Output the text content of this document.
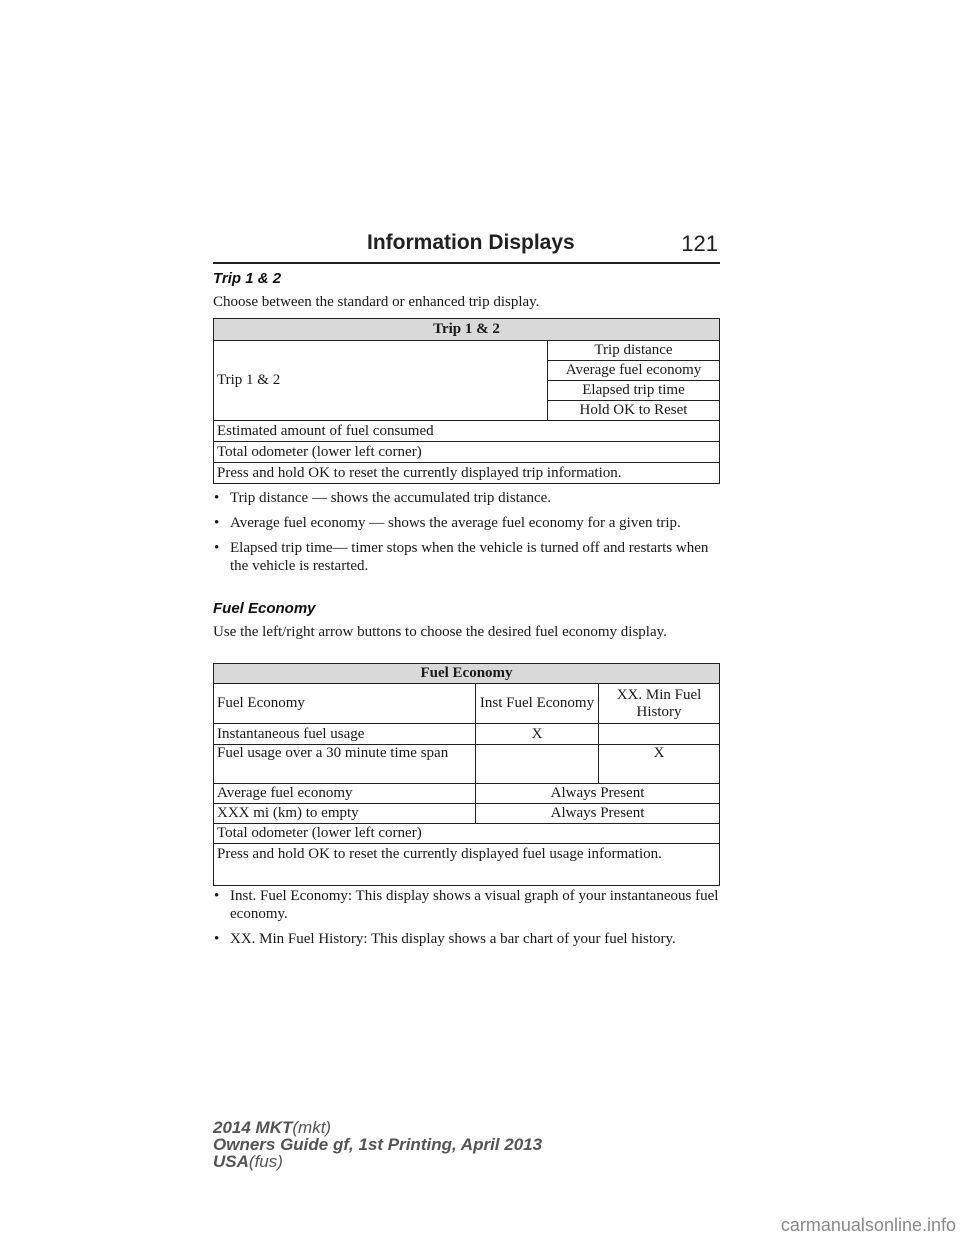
Information Displays	121
Trip 1 & 2
Choose between the standard or enhanced trip display.
Trip 1 & 2
Trip 1 & 2	Trip distance
Average fuel economy
Elapsed trip time
Hold OK to Reset
Estimated amount of fuel consumed
Total odometer (lower left corner)
Press and hold OK to reset the currently displayed trip information.
• Trip distance — shows the accumulated trip distance.
• Average fuel economy — shows the average fuel economy for a given trip.
• Elapsed trip time— timer stops when the vehicle is turned off and restarts when the vehicle is restarted.
Fuel Economy
Use the left/right arrow buttons to choose the desired fuel economy display.
Fuel Economy		
Fuel Economy	Inst Fuel Economy	XX. Min Fuel History
Instantaneous fuel usage	X	
Fuel usage over a 30 minute time span		X
Average fuel economy	Always Present	
XXX mi (km) to empty	Always Present	
Total odometer (lower left corner)		
Press and hold OK to reset the currently displayed fuel usage information.		
• Inst. Fuel Economy: This display shows a visual graph of your instantaneous fuel economy.
• XX. Min Fuel History: This display shows a bar chart of your fuel history.
2014 MKT(mkt)
Owners Guide gf, 1st Printing, April 2013
USA(fus)
carmanualsonline.info
